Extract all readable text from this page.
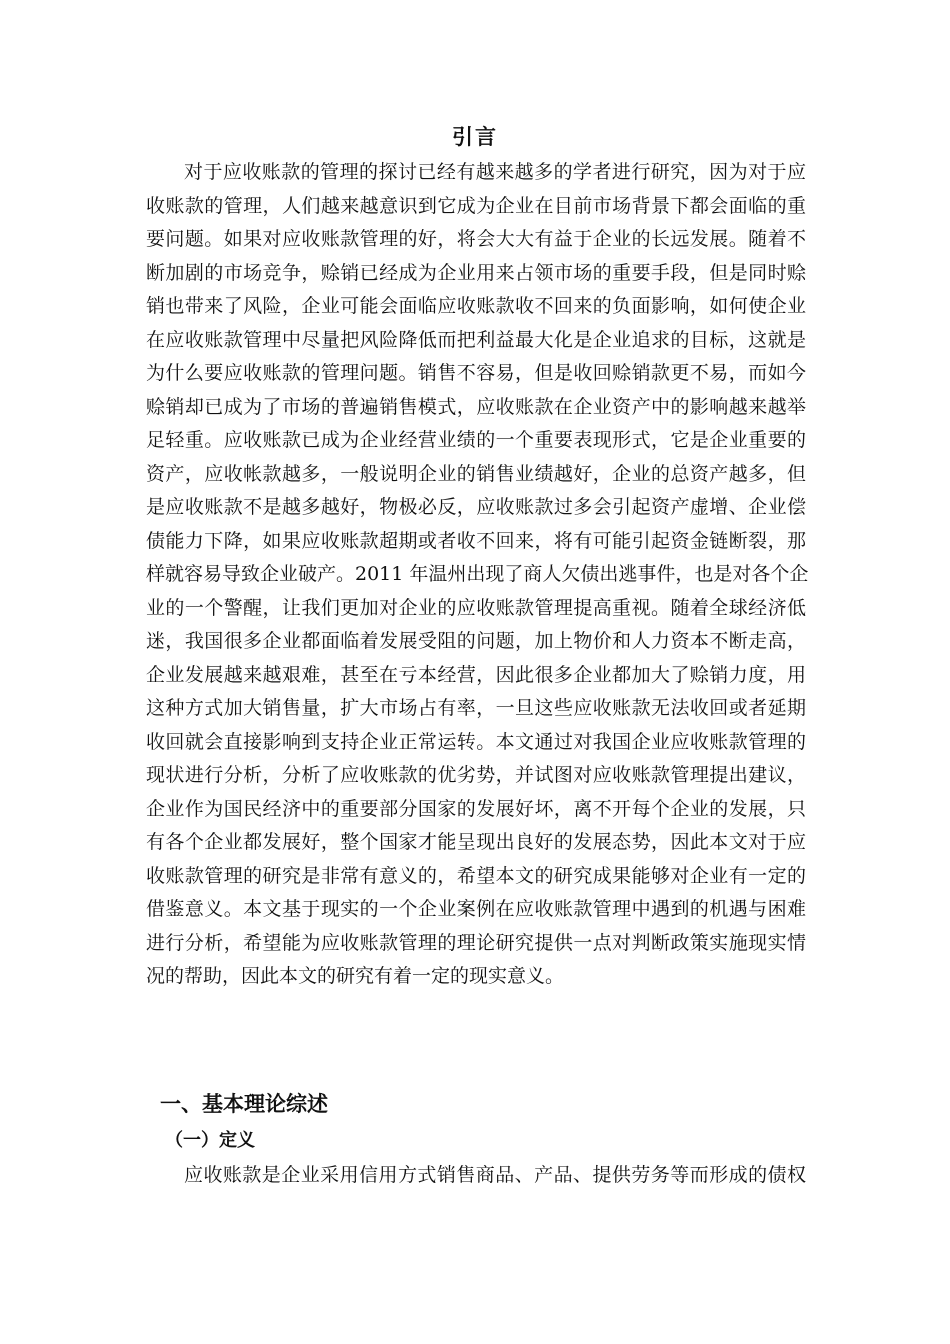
引言
对于应收账款的管理的探讨已经有越来越多的学者进行研究，因为对于应
收账款的管理，人们越来越意识到它成为企业在目前市场背景下都会面临的重
要问题。如果对应收账款管理的好，将会大大有益于企业的长远发展。随着不
断加剧的市场竞争，赊销已经成为企业用来占领市场的重要手段，但是同时赊
销也带来了风险，企业可能会面临应收账款收不回来的负面影响，如何使企业
在应收账款管理中尽量把风险降低而把利益最大化是企业追求的目标，这就是
为什么要应收账款的管理问题。销售不容易，但是收回赊销款更不易，而如今
赊销却已成为了市场的普遍销售模式，应收账款在企业资产中的影响越来越举
足轻重。应收账款已成为企业经营业绩的一个重要表现形式，它是企业重要的
资产，应收帐款越多，一般说明企业的销售业绩越好，企业的总资产越多，但
是应收账款不是越多越好，物极必反，应收账款过多会引起资产虚增、企业偿
债能力下降，如果应收账款超期或者收不回来，将有可能引起资金链断裂，那
样就容易导致企业破产。2011 年温州出现了商人欠债出逃事件，也是对各个企
业的一个警醒，让我们更加对企业的应收账款管理提高重视。随着全球经济低
迷，我国很多企业都面临着发展受阻的问题，加上物价和人力资本不断走高，
企业发展越来越艰难，甚至在亏本经营，因此很多企业都加大了赊销力度，用
这种方式加大销售量，扩大市场占有率，一旦这些应收账款无法收回或者延期
收回就会直接影响到支持企业正常运转。本文通过对我国企业应收账款管理的
现状进行分析，分析了应收账款的优劣势，并试图对应收账款管理提出建议，
企业作为国民经济中的重要部分国家的发展好坏，离不开每个企业的发展，只
有各个企业都发展好，整个国家才能呈现出良好的发展态势，因此本文对于应
收账款管理的研究是非常有意义的，希望本文的研究成果能够对企业有一定的
借鉴意义。本文基于现实的一个企业案例在应收账款管理中遇到的机遇与困难
进行分析，希望能为应收账款管理的理论研究提供一点对判断政策实施现实情
况的帮助，因此本文的研究有着一定的现实意义。
一、基本理论综述
（一）定义
应收账款是企业采用信用方式销售商品、产品、提供劳务等而形成的债权
